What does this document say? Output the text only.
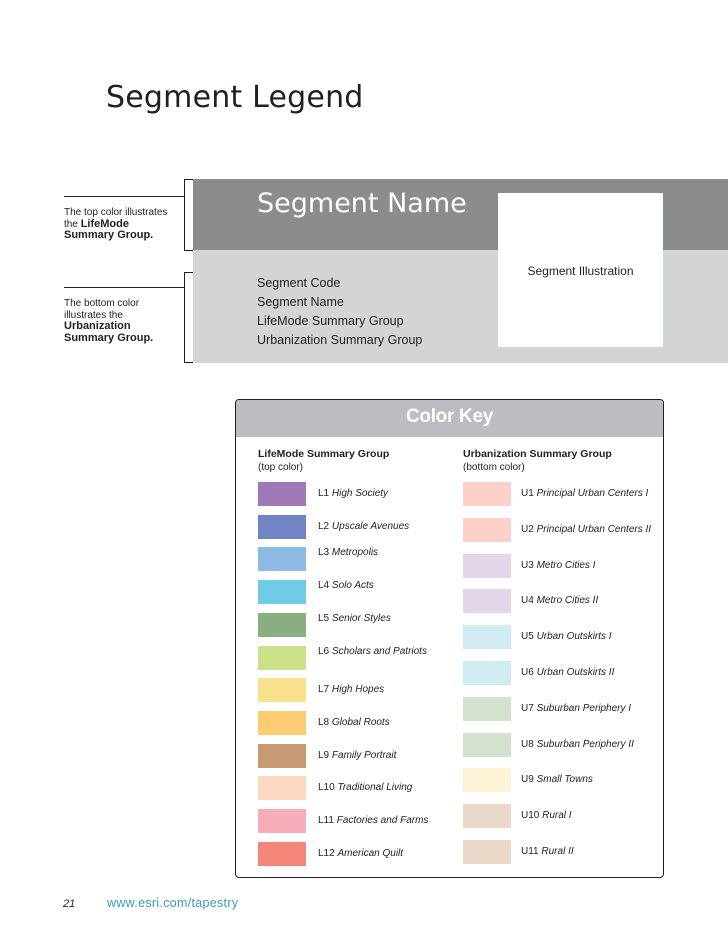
Segment Legend
Segment Illustration
Segment Name
Segment Code
Segment Name
LifeMode Summary Group
Urbanization Summary Group
The top color illustrates
the LifeMode
Summary Group.
The bottom color
illustrates the
Urbanization
Summary Group.
Color Key
LifeMode Summary Group
(top color)
Urbanization Summary Group
(bottom color)
L1 High Society
L2 Upscale Avenues
L3 Metropolis
L4 Solo Acts
L5 Senior Styles
L6 Scholars and Patriots
L7 High Hopes
L8 Global Roots
L9 Family Portrait
L10 Traditional Living
L11 Factories and Farms
L12 American Quilt
U1 Principal Urban Centers I
U2 Principal Urban Centers II
U3 Metro Cities I
U4 Metro Cities II
U5 Urban Outskirts I
U6 Urban Outskirts II
U7 Suburban Periphery I
U8 Suburban Periphery II
U9 Small Towns
U10 Rural I
U11 Rural II
21	www.esri.com/tapestry
